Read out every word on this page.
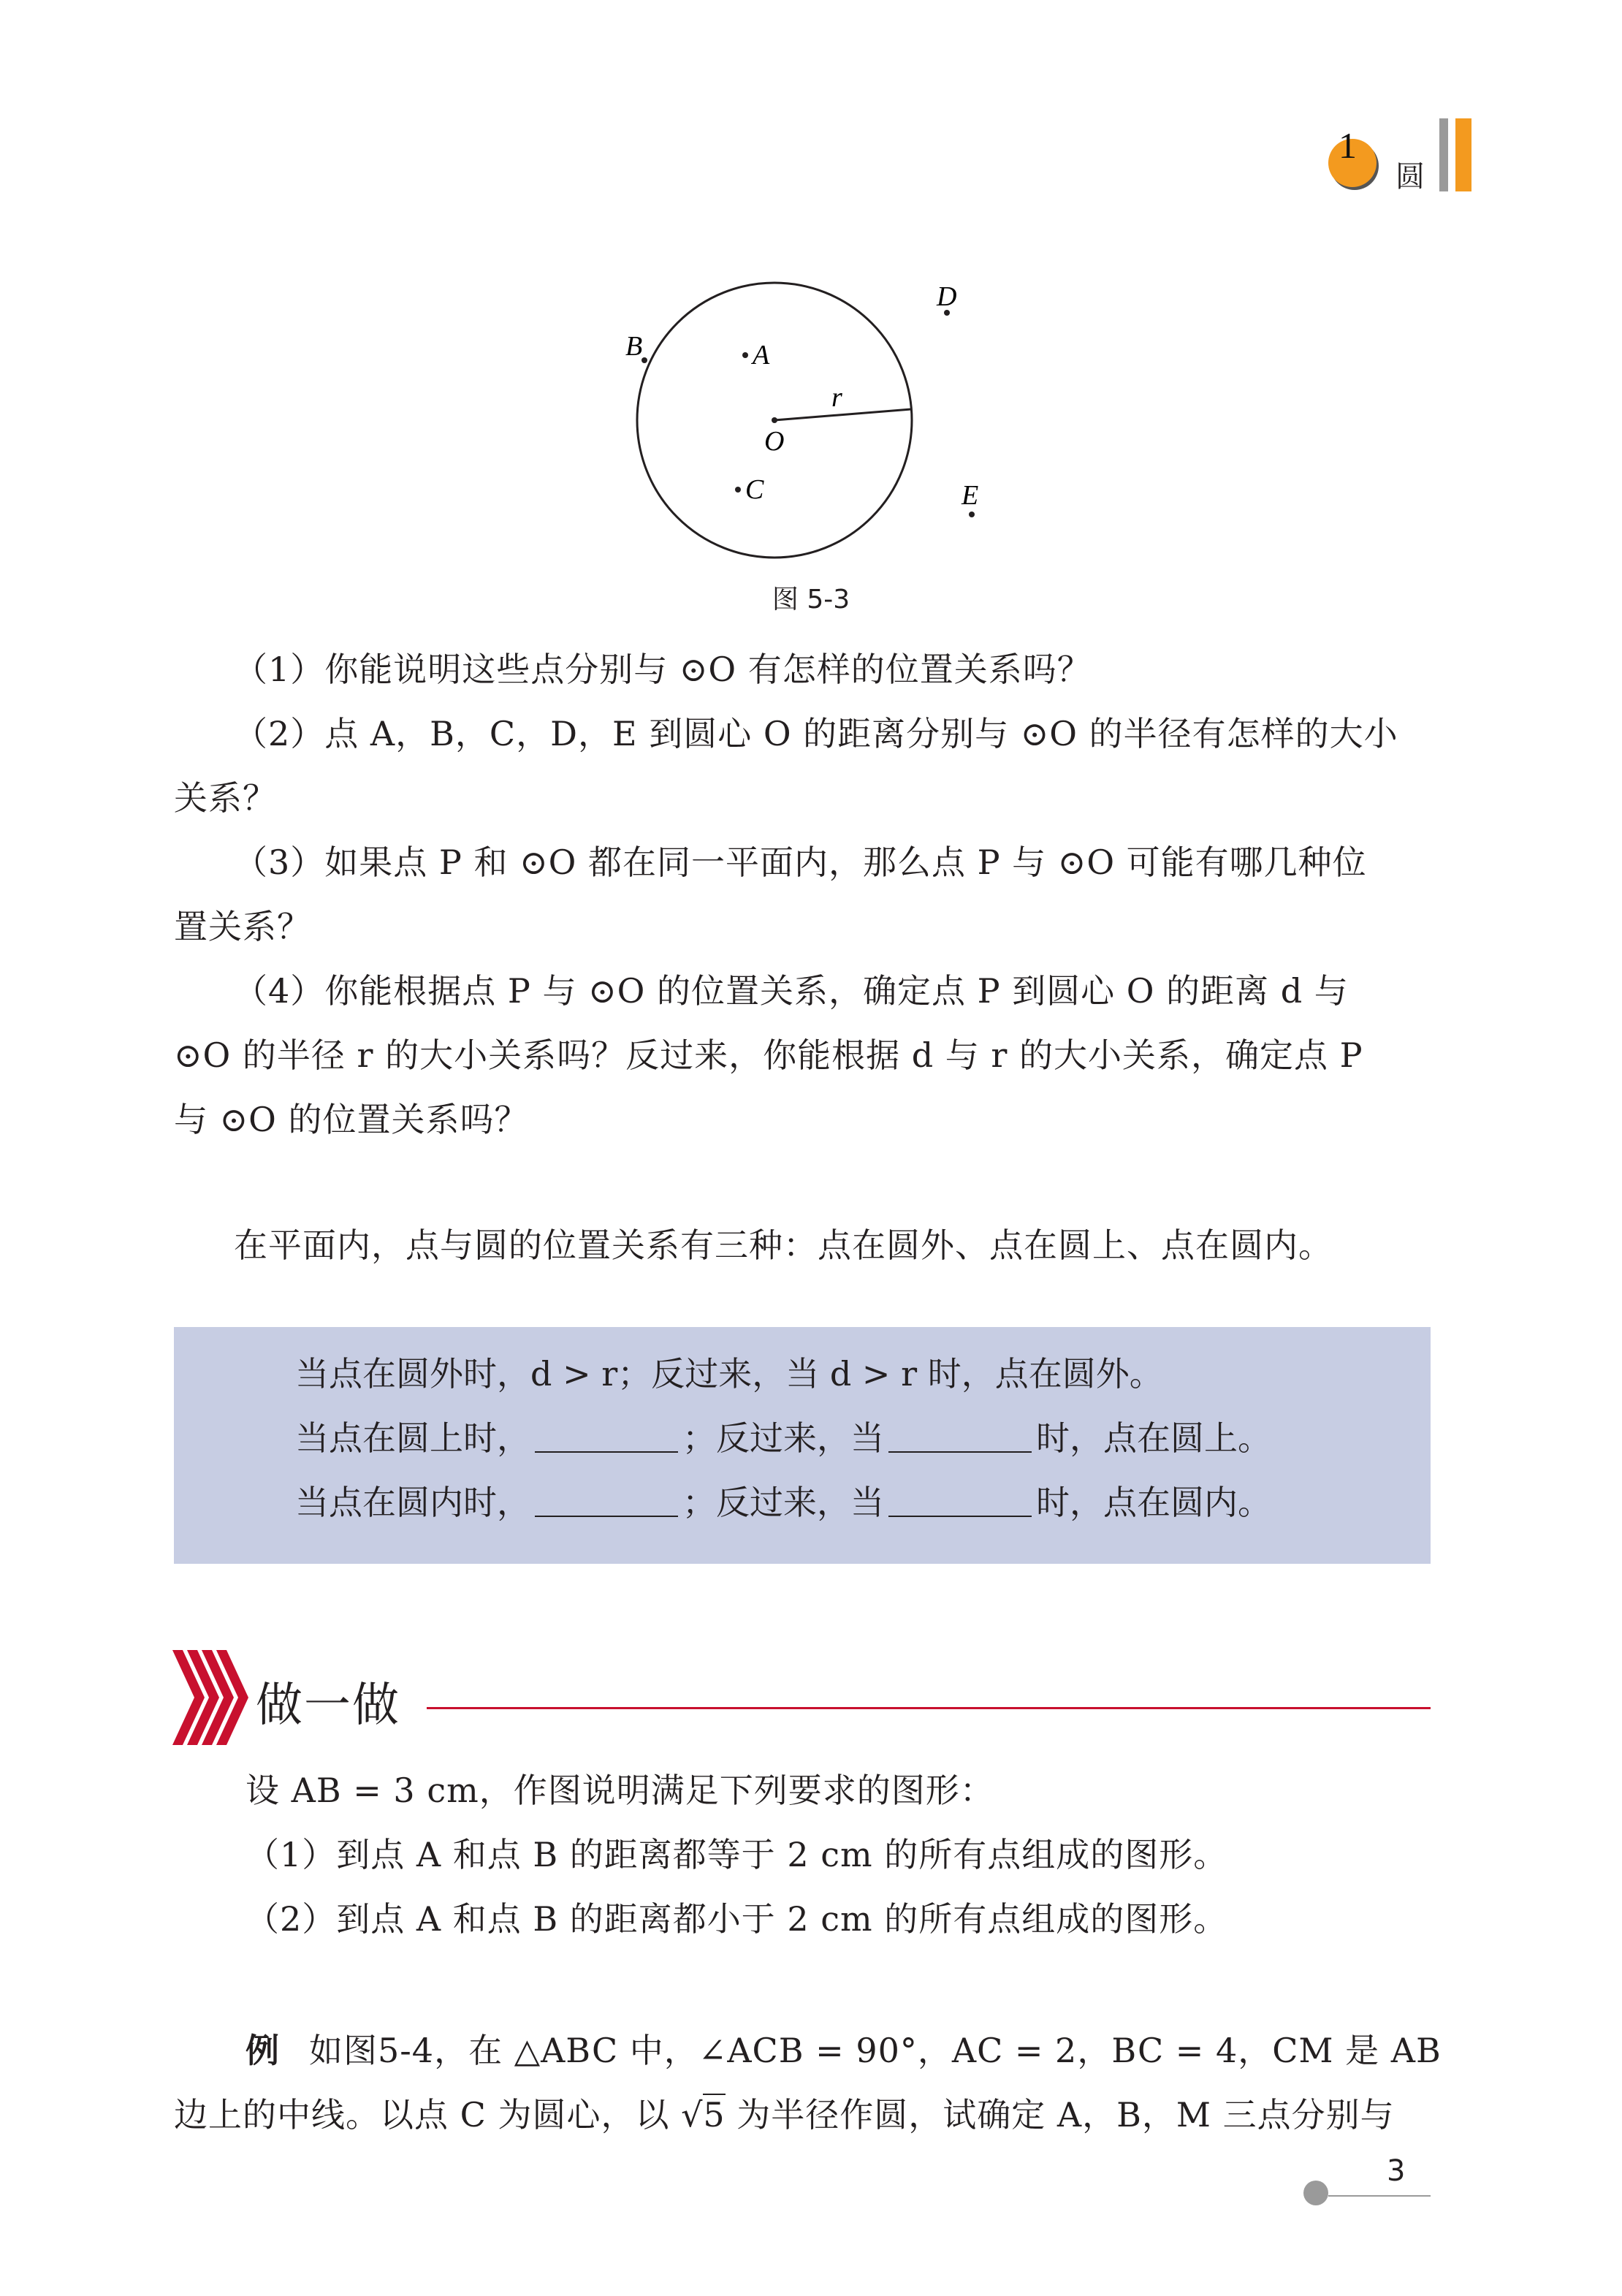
1
圆
A
B
C
D
E
O
r
图 5-3
（1）你能说明这些点分别与 ⊙O 有怎样的位置关系吗？
（2）点 A，B，C，D，E 到圆心 O 的距离分别与 ⊙O 的半径有怎样的大小
关系？
（3）如果点 P 和 ⊙O 都在同一平面内，那么点 P 与 ⊙O 可能有哪几种位
置关系？
（4）你能根据点 P 与 ⊙O 的位置关系，确定点 P 到圆心 O 的距离 d 与
⊙O 的半径 r 的大小关系吗？反过来，你能根据 d 与 r 的大小关系，确定点 P
与 ⊙O 的位置关系吗？
在平面内，点与圆的位置关系有三种：点在圆外、点在圆上、点在圆内。
当点在圆外时，d > r；反过来，当 d > r 时，点在圆外。
当点在圆上时，	；反过来，当	时，点在圆上。
当点在圆内时，	；反过来，当	时，点在圆内。
做一做
设 AB = 3 cm，作图说明满足下列要求的图形：
（1）到点 A 和点 B 的距离都等于 2 cm 的所有点组成的图形。
（2）到点 A 和点 B 的距离都小于 2 cm 的所有点组成的图形。
例 如图5-4，在 △ABC 中，∠ACB = 90°，AC = 2，BC = 4，CM 是 AB
边上的中线。以点 C 为圆心，以 √5 为半径作圆，试确定 A，B，M 三点分别与
3
